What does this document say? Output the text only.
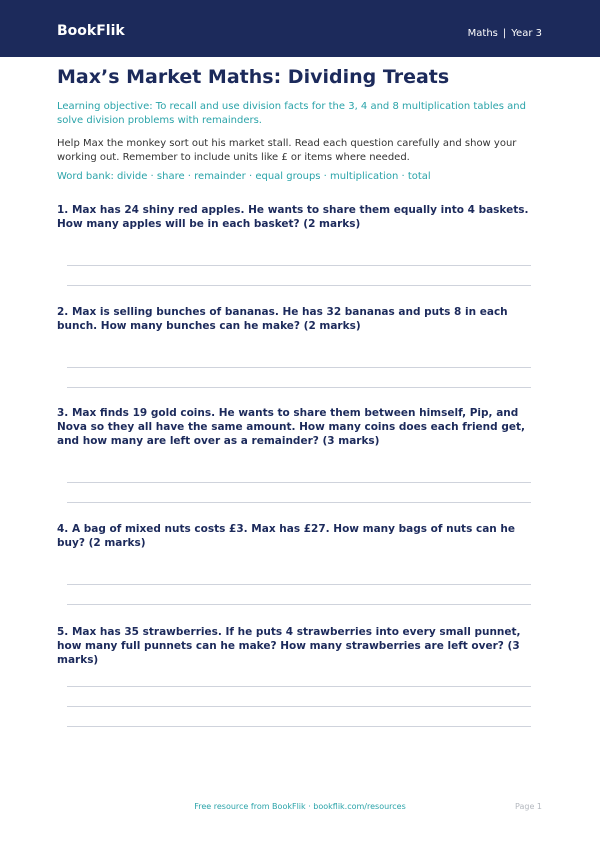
BookFlik	Maths | Year 3
Max’s Market Maths: Dividing Treats

Learning objective: To recall and use division facts for the 3, 4 and 8 multiplication tables and solve division problems with remainders.

Help Max the monkey sort out his market stall. Read each question carefully and show your working out. Remember to include units like £ or items where needed.

Word bank: divide · share · remainder · equal groups · multiplication · total

1. Max has 24 shiny red apples. He wants to share them equally into 4 baskets. How many apples will be in each basket? (2 marks)

2. Max is selling bunches of bananas. He has 32 bananas and puts 8 in each bunch. How many bunches can he make? (2 marks)

3. Max finds 19 gold coins. He wants to share them between himself, Pip, and Nova so they all have the same amount. How many coins does each friend get, and how many are left over as a remainder? (3 marks)

4. A bag of mixed nuts costs £3. Max has £27. How many bags of nuts can he buy? (2 marks)

5. Max has 35 strawberries. If he puts 4 strawberries into every small punnet, how many full punnets can he make? How many strawberries are left over? (3 marks)

Free resource from BookFlik · bookflik.com/resources	Page 1
